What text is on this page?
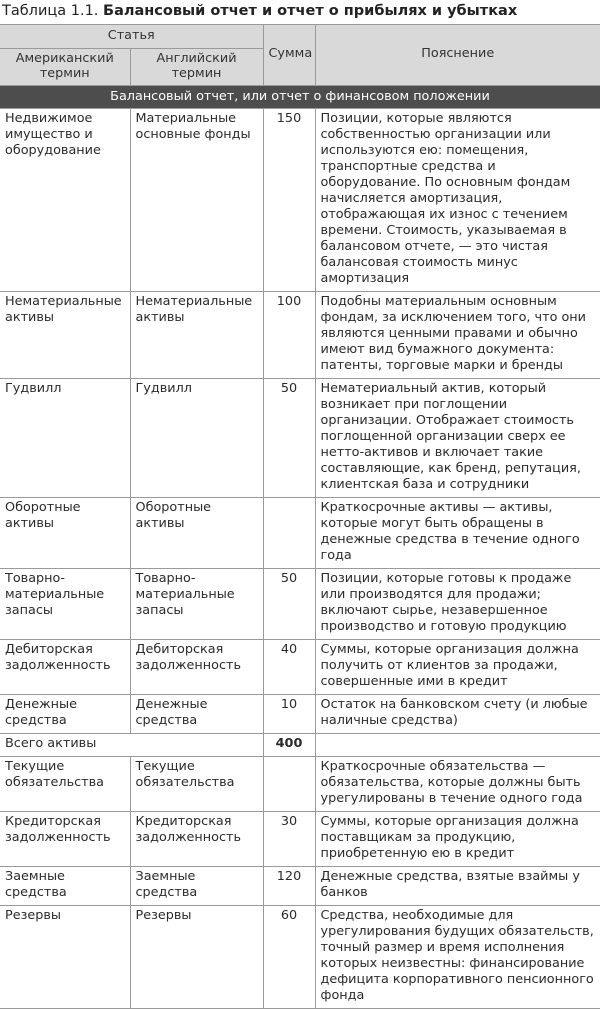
Таблица 1.1. Балансовый отчет и отчет о прибылях и убытках
Статья		Сумма	Пояснение
Американский термин	Английский термин		
Балансовый отчет, или отчет о финансовом положении			
Недвижимое имущество и оборудование	Материальные основные фонды	150	Позиции, которые являются собственностью организации или используются ею: помещения, транспортные средства и оборудование. По основным фондам начисляется амортизация, отображающая их износ с течением времени. Стоимость, указываемая в балансовом отчете, — это чистая балансовая стоимость минус амортизация
Нематериальные активы	Нематериальные активы	100	Подобны материальным основным фондам, за исключением того, что они являются ценными правами и обычно имеют вид бумажного документа: патенты, торговые марки и бренды
Гудвилл	Гудвилл	50	Нематериальный актив, который возникает при поглощении организации. Отображает стоимость поглощенной организации сверх ее нетто-активов и включает такие составляющие, как бренд, репутация, клиентская база и сотрудники
Оборотные активы	Оборотные активы		Краткосрочные активы — активы, которые могут быть обращены в денежные средства в течение одного года
Товарно-материальные запасы	Товарно-материальные запасы	50	Позиции, которые готовы к продаже или производятся для продажи; включают сырье, незавершенное производство и готовую продукцию
Дебиторская задолженность	Дебиторская задолженность	40	Суммы, которые организация должна получить от клиентов за продажи, совершенные ими в кредит
Денежные средства	Денежные средства	10	Остаток на банковском счету (и любые наличные средства)
Всего активы		400	
Текущие обязательства	Текущие обязательства		Краткосрочные обязательства — обязательства, которые должны быть урегулированы в течение одного года
Кредиторская задолженность	Кредиторская задолженность	30	Суммы, которые организация должна поставщикам за продукцию, приобретенную ею в кредит
Заемные средства	Заемные средства	120	Денежные средства, взятые взаймы у банков
Резервы	Резервы	60	Средства, необходимые для урегулирования будущих обязательств, точный размер и время исполнения которых неизвестны: финансирование дефицита корпоративного пенсионного фонда
